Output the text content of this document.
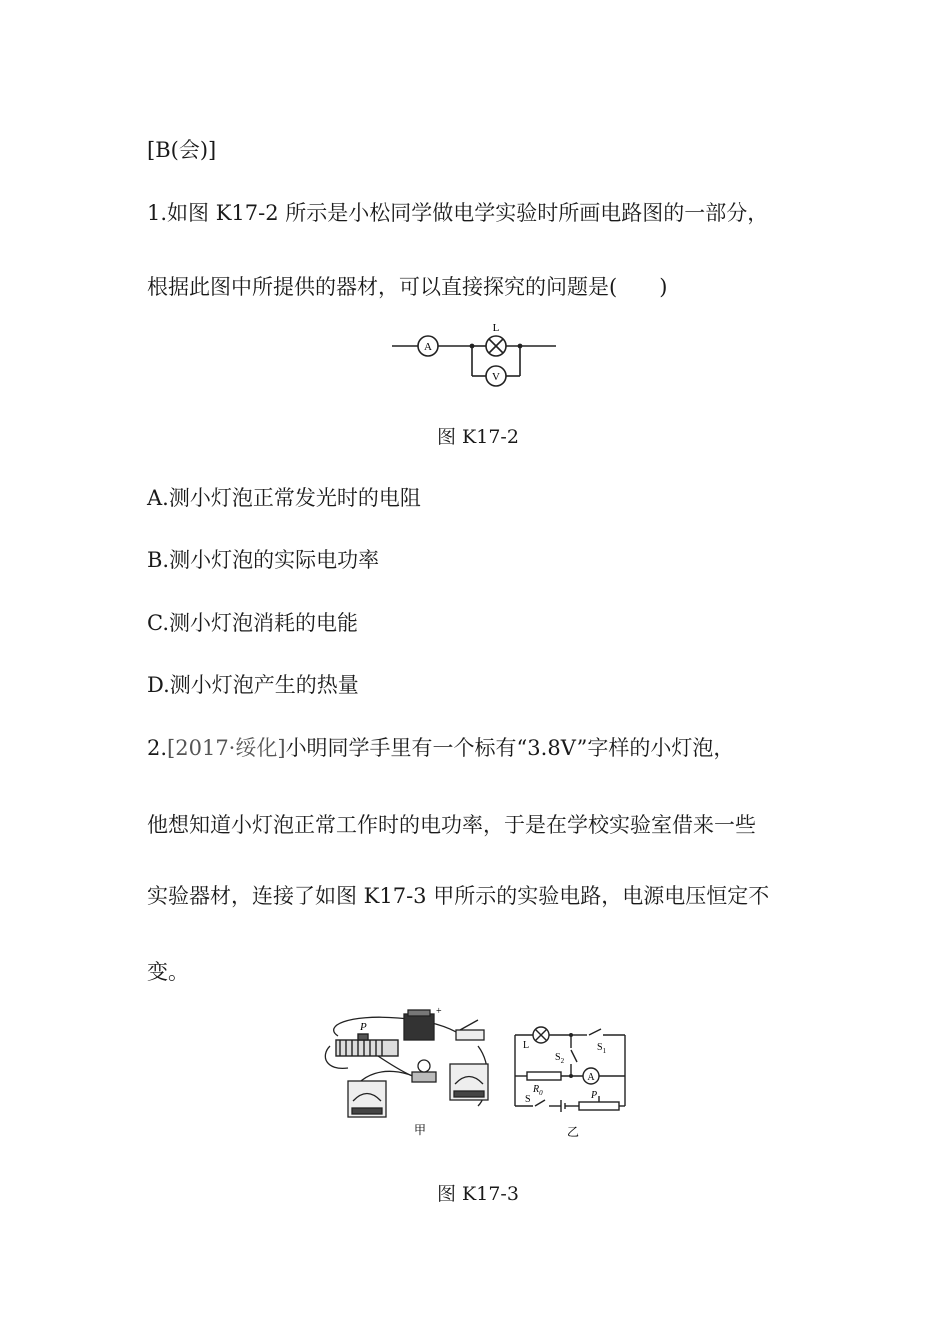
[B(会)]
1.如图 K17-2 所示是小松同学做电学实验时所画电路图的一部分，
根据此图中所提供的器材，可以直接探究的问题是(　　)
A
L
V
图 K17-2
A.测小灯泡正常发光时的电阻
B.测小灯泡的实际电功率
C.测小灯泡消耗的电能
D.测小灯泡产生的热量
2.[2017·绥化]小明同学手里有一个标有“3.8V”字样的小灯泡，
他想知道小灯泡正常工作时的电功率，于是在学校实验室借来一些
实验器材，连接了如图 K17-3 甲所示的实验电路，电源电压恒定不
变。
P
+
甲
L
$S_2$
$S_1$
$R_0$
A
S	P
乙
图 K17-3
